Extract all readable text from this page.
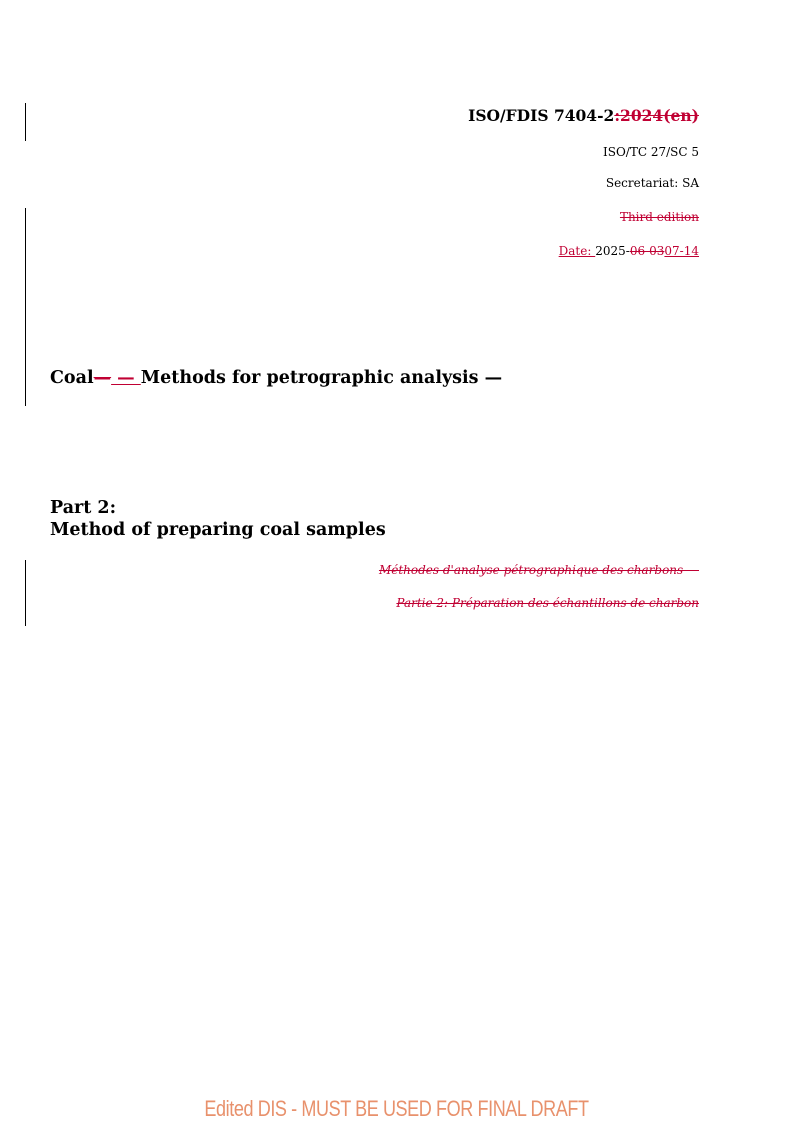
ISO/FDIS 7404-2:2024(en)
ISO/TC 27/SC 5
Secretariat: SA
Third edition
Date: 2025-06-0307-14
Coal— — Methods for petrographic analysis —
Part 2:
Method of preparing coal samples
Méthodes d'analyse pétrographique des charbons —
Partie 2: Préparation des échantillons de charbon
Edited DIS - MUST BE USED FOR FINAL DRAFT
